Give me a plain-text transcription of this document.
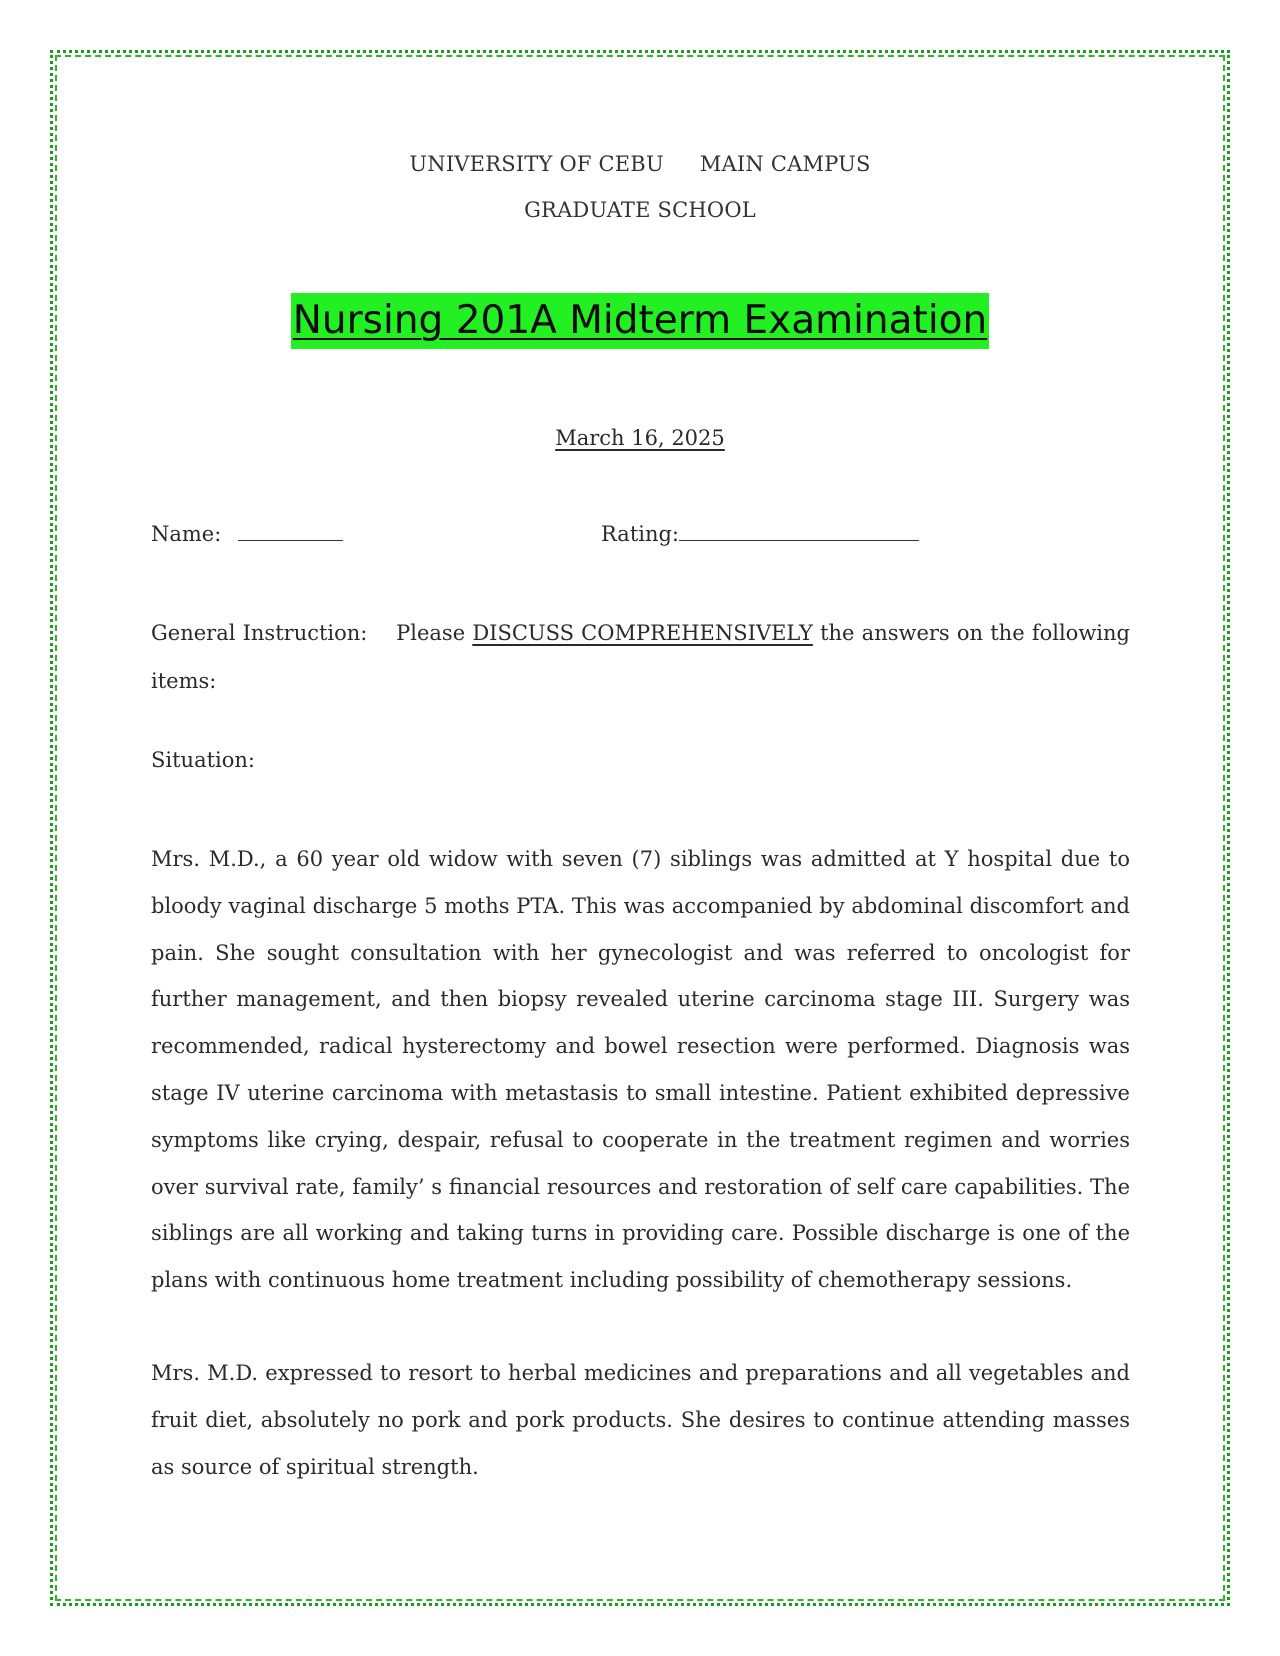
UNIVERSITY OF CEBU MAIN CAMPUS
GRADUATE SCHOOL
Nursing 201A Midterm Examination
March 16, 2025
Name:	Rating:
General Instruction: Please DISCUSS COMPREHENSIVELY the answers on the following items:
Situation:

Mrs. M.D., a 60 year old widow with seven (7) siblings was admitted at Y hospital due to bloody vaginal discharge 5 moths PTA. This was accompanied by abdominal discomfort and pain. She sought consultation with her gynecologist and was referred to oncologist for further management, and then biopsy revealed uterine carcinoma stage III. Surgery was recommended, radical hysterectomy and bowel resection were performed. Diagnosis was stage IV uterine carcinoma with metastasis to small intestine. Patient exhibited depressive symptoms like crying, despair, refusal to cooperate in the treatment regimen and worries over survival rate, family’ s financial resources and restoration of self care capabilities. The siblings are all working and taking turns in providing care. Possible discharge is one of the plans with continuous home treatment including possibility of chemotherapy sessions.

Mrs. M.D. expressed to resort to herbal medicines and preparations and all vegetables and fruit diet, absolutely no pork and pork products. She desires to continue attending masses as source of spiritual strength.
